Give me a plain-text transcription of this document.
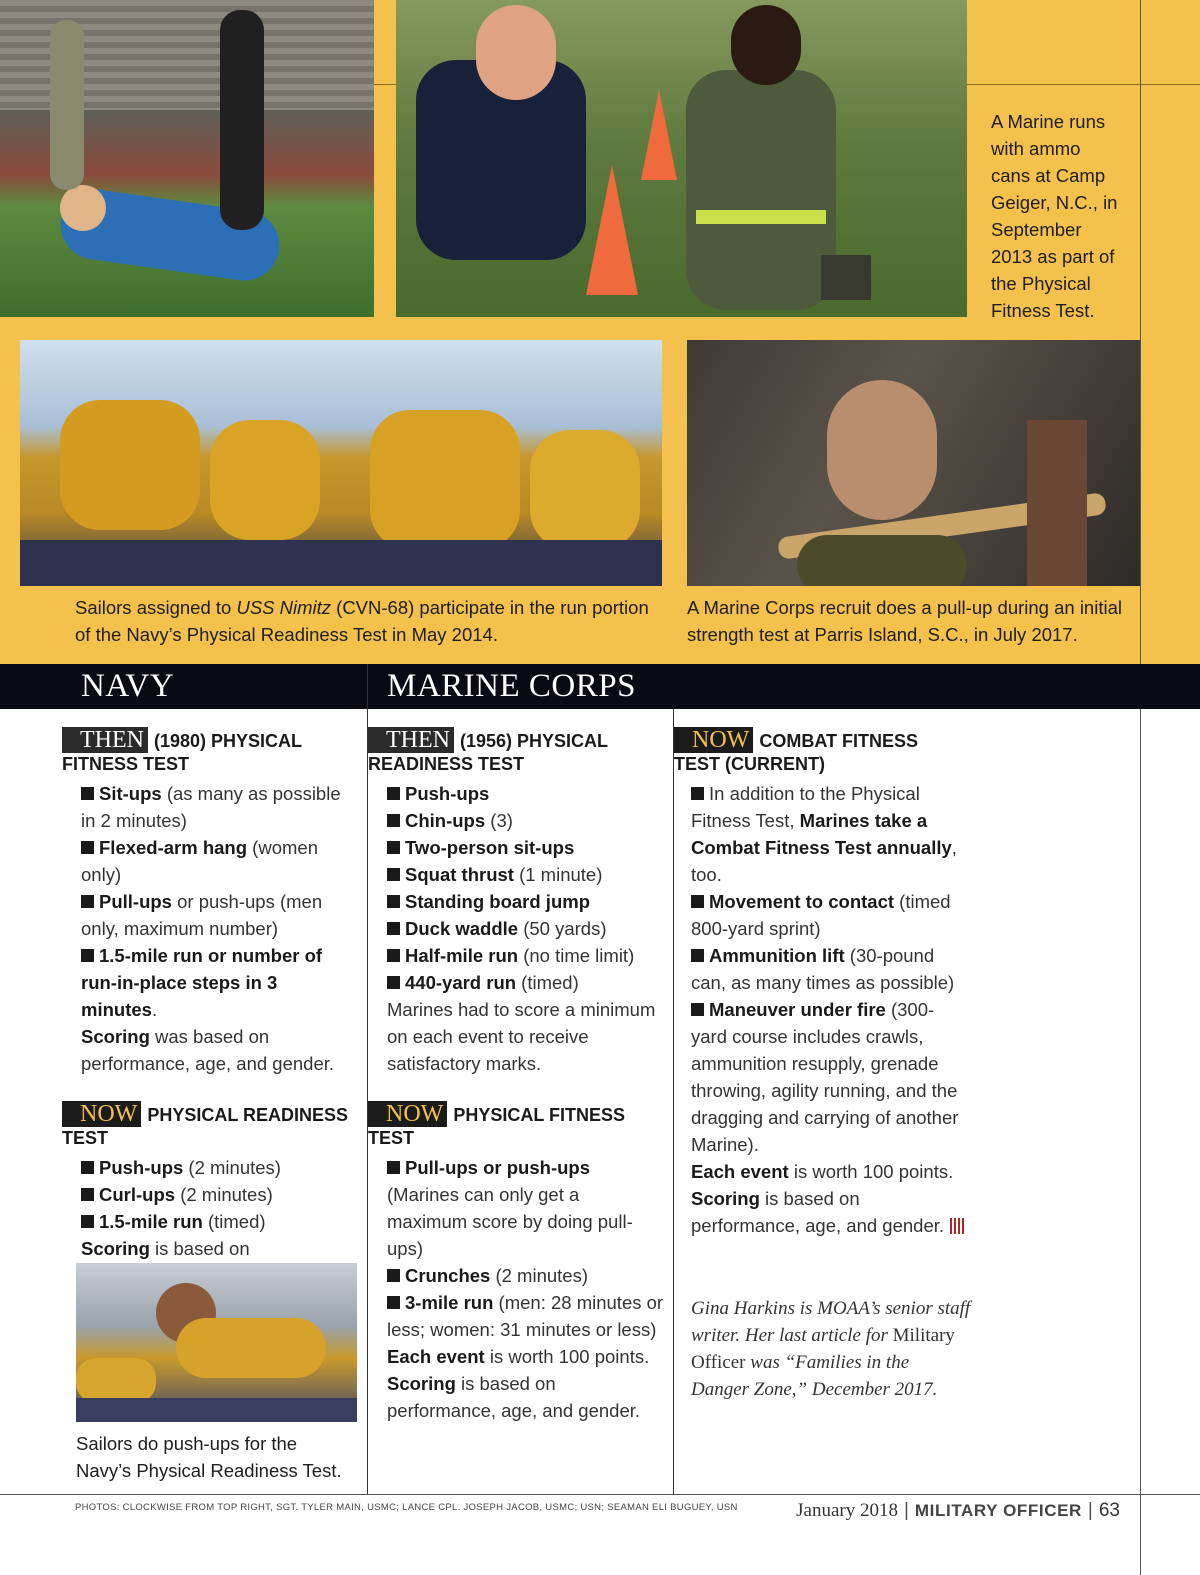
A Marine runs with ammo cans at Camp Geiger, N.C., in September 2013 as part of the Physical Fitness Test.
Sailors assigned to USS Nimitz (CVN-68) participate in the run portion of the Navy’s Physical Readiness Test in May 2014.
A Marine Corps recruit does a pull-up during an initial strength test at Parris Island, S.C., in July 2017.
NAVY	MARINE CORPS
THEN (1980) PHYSICAL FITNESS TEST

Sit-ups (as many as possible in 2 minutes)

Flexed-arm hang (women only)

Pull-ups or push-ups (men only, maximum number)

1.5-mile run or number of run-in-place steps in 3 minutes.

Scoring was based on performance, age, and gender.

NOW PHYSICAL READINESS TEST

Push-ups (2 minutes)

Curl-ups (2 minutes)

1.5-mile run (timed)

Scoring is based on

Sailors do push-ups for the Navy’s Physical Readiness Test.
THEN (1956) PHYSICAL READINESS TEST

Push-ups

Chin-ups (3)

Two-person sit-ups

Squat thrust (1 minute)

Standing board jump

Duck waddle (50 yards)

Half-mile run (no time limit)

440-yard run (timed)

Marines had to score a minimum on each event to receive satisfactory marks.

NOW PHYSICAL FITNESS TEST

Pull-ups or push-ups (Marines can only get a maximum score by doing pull-ups)

Crunches (2 minutes)

3-mile run (men: 28 minutes or less; women: 31 minutes or less)

Each event is worth 100 points.

Scoring is based on performance, age, and gender.

NOW COMBAT FITNESS TEST (CURRENT)

In addition to the Physical Fitness Test, Marines take a Combat Fitness Test annually, too.

Movement to contact (timed 800-yard sprint)

Ammunition lift (30-pound can, as many times as possible)

Maneuver under fire (300-yard course includes crawls, ammunition resupply, grenade throwing, agility running, and the dragging and carrying of another Marine).

Each event is worth 100 points.

Scoring is based on performance, age, and gender.

Gina Harkins is MOAA’s senior staff writer. Her last article for Military Officer was “Families in the Danger Zone,” December 2017.
PHOTOS: CLOCKWISE FROM TOP RIGHT, SGT. TYLER MAIN, USMC; LANCE CPL. JOSEPH JACOB, USMC; USN; SEAMAN ELI BUGUEY, USN	January 2018 | MILITARY OFFICER | 63
